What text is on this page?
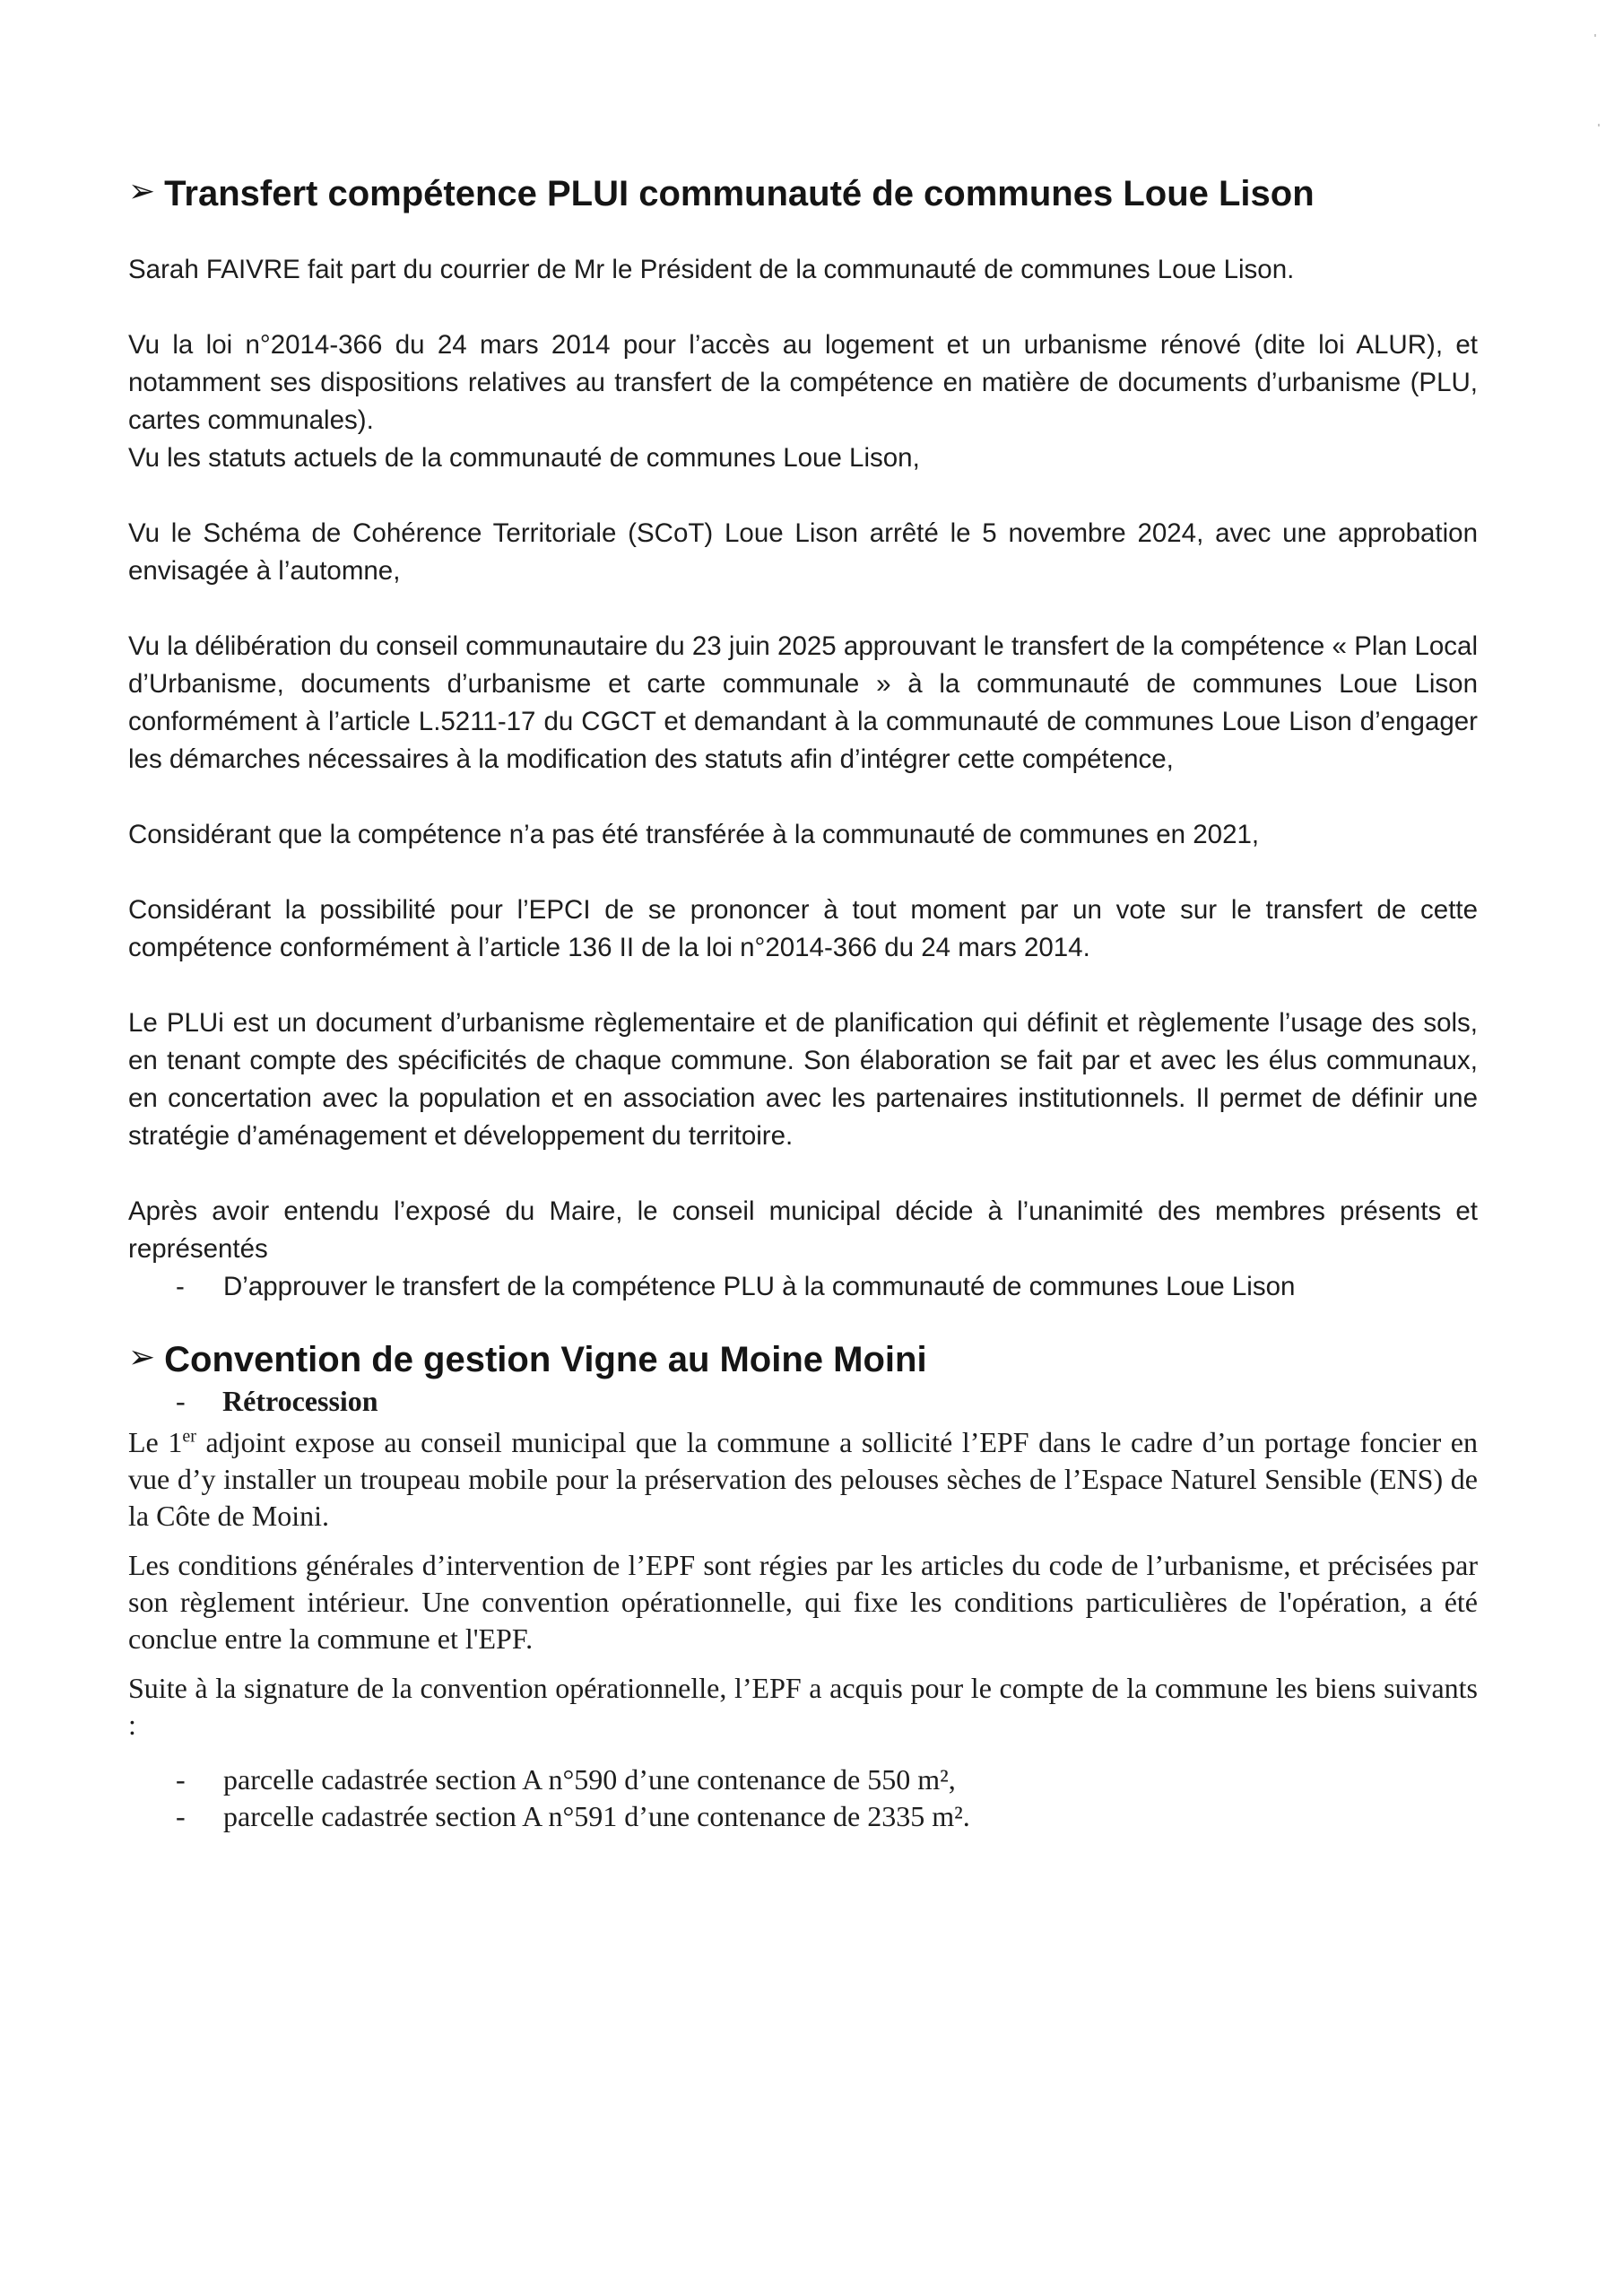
➢ Transfert compétence PLUI communauté de communes Loue Lison

Sarah FAIVRE fait part du courrier de Mr le Président de la communauté de communes Loue Lison.

Vu la loi n°2014-366 du 24 mars 2014 pour l’accès au logement et un urbanisme rénové (dite loi ALUR), et notamment ses dispositions relatives au transfert de la compétence en matière de documents d’urbanisme (PLU, cartes communales).

Vu les statuts actuels de la communauté de communes Loue Lison,

Vu le Schéma de Cohérence Territoriale (SCoT) Loue Lison arrêté le 5 novembre 2024, avec une approbation envisagée à l’automne,

Vu la délibération du conseil communautaire du 23 juin 2025 approuvant le transfert de la compétence « Plan Local d’Urbanisme, documents d’urbanisme et carte communale » à la communauté de communes Loue Lison conformément à l’article L.5211-17 du CGCT et demandant à la communauté de communes Loue Lison d’engager les démarches nécessaires à la modification des statuts afin d’intégrer cette compétence,

Considérant que la compétence n’a pas été transférée à la communauté de communes en 2021,

Considérant la possibilité pour l’EPCI de se prononcer à tout moment par un vote sur le transfert de cette compétence conformément à l’article 136 II de la loi n°2014-366 du 24 mars 2014.

Le PLUi est un document d’urbanisme règlementaire et de planification qui définit et règlemente l’usage des sols, en tenant compte des spécificités de chaque commune. Son élaboration se fait par et avec les élus communaux, en concertation avec la population et en association avec les partenaires institutionnels. Il permet de définir une stratégie d’aménagement et développement du territoire.

Après avoir entendu l’exposé du Maire, le conseil municipal décide à l’unanimité des membres présents et représentés

-	D’approuver le transfert de la compétence PLU à la communauté de communes Loue Lison
➢ Convention de gestion Vigne au Moine Moini
-	Rétrocession

Le 1er adjoint expose au conseil municipal que la commune a sollicité l’EPF dans le cadre d’un portage foncier en vue d’y installer un troupeau mobile pour la préservation des pelouses sèches de l’Espace Naturel Sensible (ENS) de la Côte de Moini.

Les conditions générales d’intervention de l’EPF sont régies par les articles du code de l’urbanisme, et précisées par son règlement intérieur. Une convention opérationnelle, qui fixe les conditions particulières de l'opération, a été conclue entre la commune et l'EPF.

Suite à la signature de la convention opérationnelle, l’EPF a acquis pour le compte de la commune les biens suivants :

-	parcelle cadastrée section A n°590 d’une contenance de 550 m²,
-	parcelle cadastrée section A n°591 d’une contenance de 2335 m².
